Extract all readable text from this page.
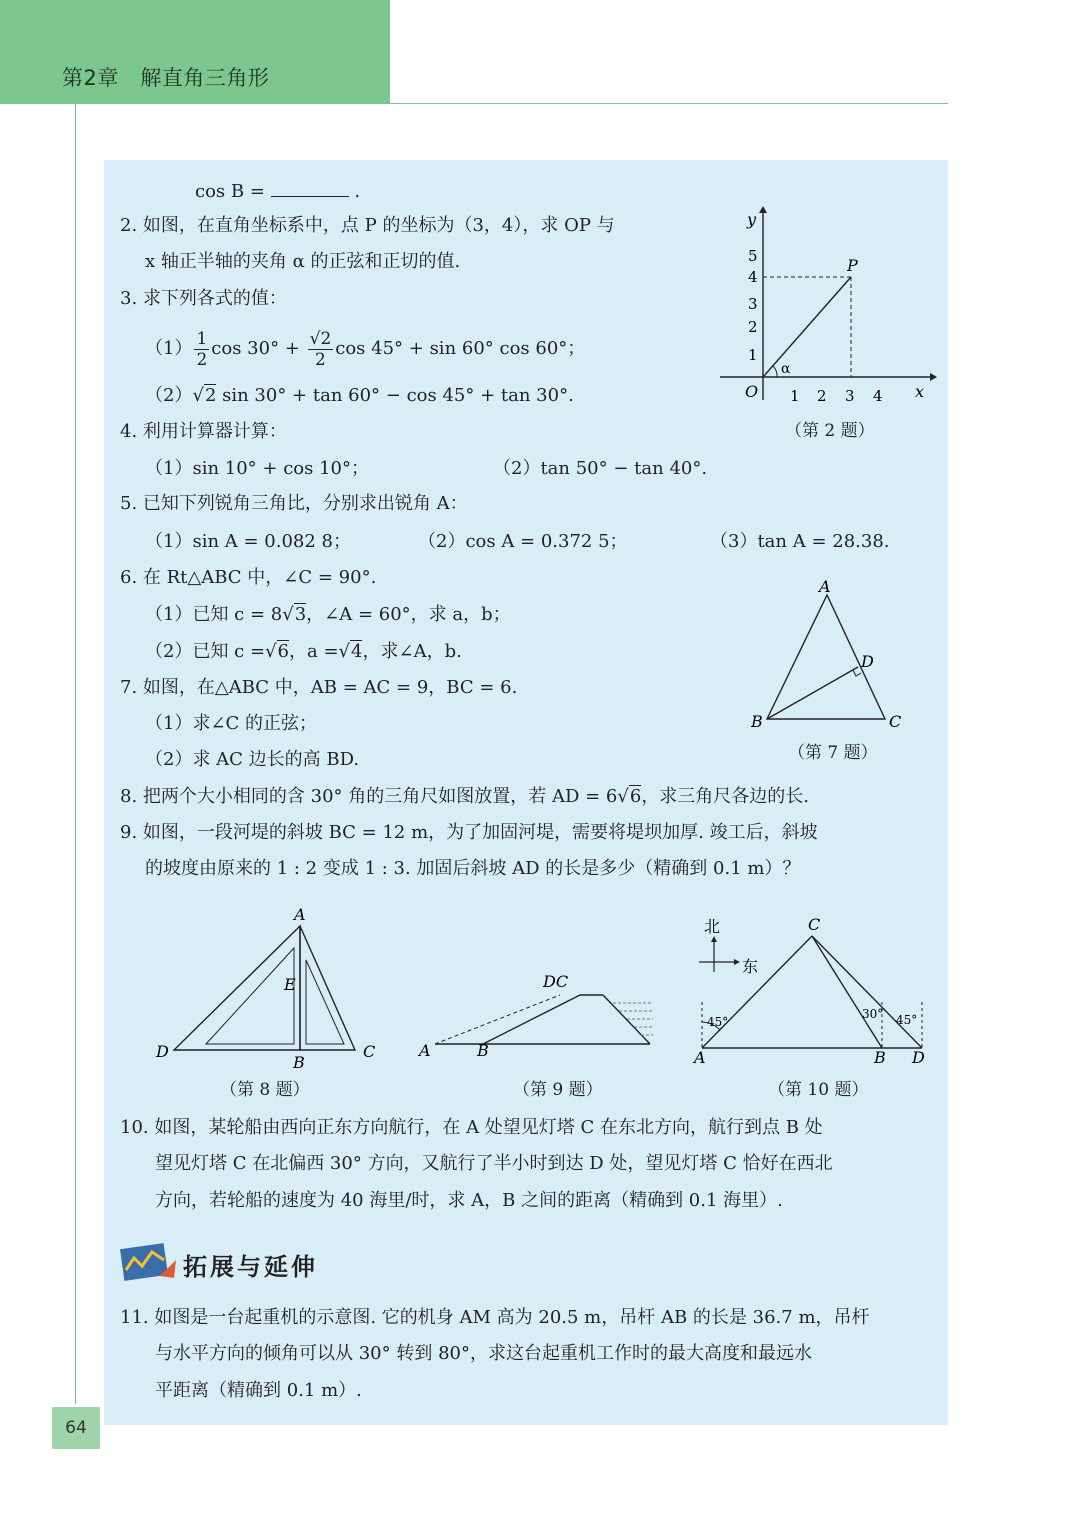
第2章　解直角三角形
cos B =	.
2. 如图，在直角坐标系中，点 P 的坐标为（3，4），求 OP 与
x 轴正半轴的夹角 α 的正弦和正切的值.
3. 求下列各式的值：
$(1) \frac{1}{2}$ $\cos 30^\circ + \frac{√2}{2}$ cos 45° + sin 60° cos 60°；
（2）√2 sin 30° + tan 60° − cos 45° + tan 30°.
4. 利用计算器计算：
（1）sin 10° + cos 10°；	（2）tan 50° − tan 40°.
5. 已知下列锐角三角比，分别求出锐角 A：
（1）sin A = 0.082 8；	（2）cos A = 0.372 5；	（3）tan A = 28.38.
6. 在 Rt△ABC 中，∠C = 90°.
（1）已知 c = 8√3，∠A = 60°，求 a，b；
（2）已知 c =√6，a =√4，求∠A，b.
7. 如图，在△ABC 中，AB = AC = 9，BC = 6.
（1）求∠C 的正弦；
（2）求 AC 边长的高 BD.
8. 把两个大小相同的含 30° 角的三角尺如图放置，若 AD = 6√6，求三角尺各边的长.
9. 如图，一段河堤的斜坡 BC = 12 m，为了加固河堤，需要将堤坝加厚. 竣工后，斜坡
的坡度由原来的 1 : 2 变成 1 : 3. 加固后斜坡 AD 的长是多少（精确到 0.1 m）？
y
x
O
P
α
5
4
3
2
1
1 2 3 4
（第 2 题）
A
B	C
D
（第 7 题）
A
E
D
B
C
（第 8 题）
DC
A	B
（第 9 题）
北
东
C
A	B D
45°
30° 45°
（第 10 题）
10. 如图，某轮船由西向正东方向航行，在 A 处望见灯塔 C 在东北方向，航行到点 B 处
望见灯塔 C 在北偏西 30° 方向，又航行了半小时到达 D 处，望见灯塔 C 恰好在西北
方向，若轮船的速度为 40 海里/时，求 A，B 之间的距离（精确到 0.1 海里）.
拓展与延伸
11. 如图是一台起重机的示意图. 它的机身 AM 高为 20.5 m，吊杆 AB 的长是 36.7 m，吊杆
与水平方向的倾角可以从 30° 转到 80°，求这台起重机工作时的最大高度和最远水
平距离（精确到 0.1 m）.
64
